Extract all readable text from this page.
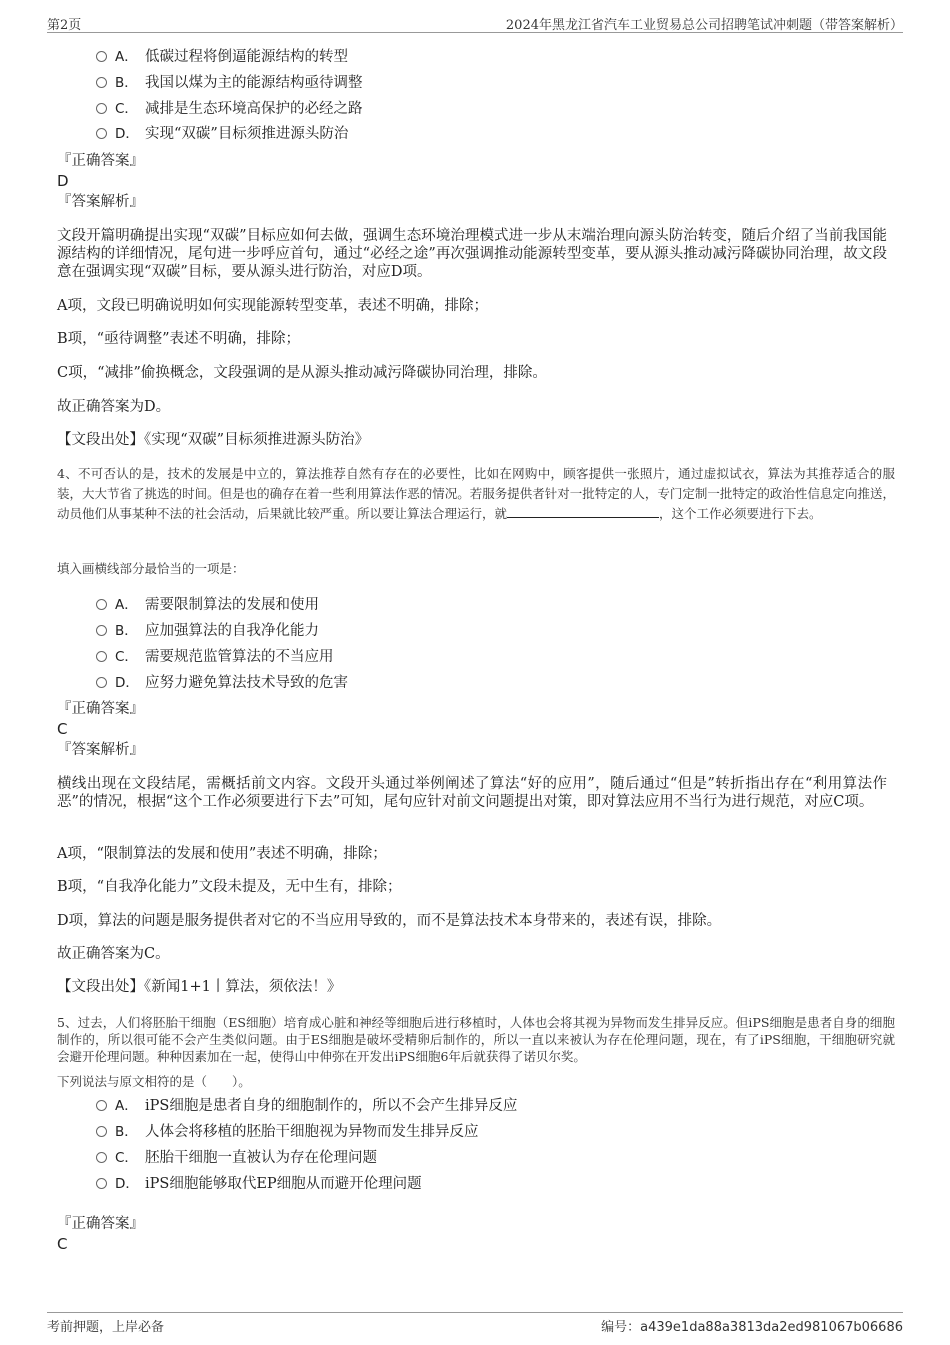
第2页	2024年黑龙江省汽车工业贸易总公司招聘笔试冲刺题（带答案解析）
A． 低碳过程将倒逼能源结构的转型
B． 我国以煤为主的能源结构亟待调整
C． 减排是生态环境高保护的必经之路
D． 实现“双碳”目标须推进源头防治
『正确答案』
D
『答案解析』
文段开篇明确提出实现“双碳”目标应如何去做，强调生态环境治理模式进一步从末端治理向源头防治转变，随后介绍了当前我国能源结构的详细情况，尾句进一步呼应首句，通过“必经之途”再次强调推动能源转型变革，要从源头推动减污降碳协同治理，故文段意在强调实现“双碳”目标，要从源头进行防治，对应D项。
A项，文段已明确说明如何实现能源转型变革，表述不明确，排除；
B项，“亟待调整”表述不明确，排除；
C项，“减排”偷换概念，文段强调的是从源头推动减污降碳协同治理，排除。
故正确答案为D。
【文段出处】《实现“双碳”目标须推进源头防治》
4、不可否认的是，技术的发展是中立的，算法推荐自然有存在的必要性，比如在网购中，顾客提供一张照片，通过虚拟试衣，算法为其推荐适合的服装，大大节省了挑选的时间。但是也的确存在着一些利用算法作恶的情况。若服务提供者针对一批特定的人，专门定制一批特定的政治性信息定向推送，动员他们从事某种不法的社会活动，后果就比较严重。所以要让算法合理运行，就	，这个工作必须要进行下去。
填入画横线部分最恰当的一项是：
A． 需要限制算法的发展和使用
B． 应加强算法的自我净化能力
C． 需要规范监管算法的不当应用
D． 应努力避免算法技术导致的危害
『正确答案』
C
『答案解析』
横线出现在文段结尾，需概括前文内容。文段开头通过举例阐述了算法“好的应用”，随后通过“但是”转折指出存在“利用算法作恶”的情况，根据“这个工作必须要进行下去”可知，尾句应针对前文问题提出对策，即对算法应用不当行为进行规范，对应C项。
A项，“限制算法的发展和使用”表述不明确，排除；
B项，“自我净化能力”文段未提及，无中生有，排除；
D项，算法的问题是服务提供者对它的不当应用导致的，而不是算法技术本身带来的，表述有误，排除。
故正确答案为C。
【文段出处】《新闻1+1丨算法，须依法！》
5、过去，人们将胚胎干细胞（ES细胞）培育成心脏和神经等细胞后进行移植时，人体也会将其视为异物而发生排异反应。但iPS细胞是患者自身的细胞制作的，所以很可能不会产生类似问题。由于ES细胞是破坏受精卵后制作的，所以一直以来被认为存在伦理问题，现在，有了iPS细胞，干细胞研究就会避开伦理问题。种种因素加在一起，使得山中伸弥在开发出iPS细胞6年后就获得了诺贝尔奖。
下列说法与原文相符的是（　　）。
A． iPS细胞是患者自身的细胞制作的，所以不会产生排异反应
B． 人体会将移植的胚胎干细胞视为异物而发生排异反应
C． 胚胎干细胞一直被认为存在伦理问题
D． iPS细胞能够取代EP细胞从而避开伦理问题
『正确答案』
C
考前押题，上岸必备	编号：a439e1da88a3813da2ed981067b06686
